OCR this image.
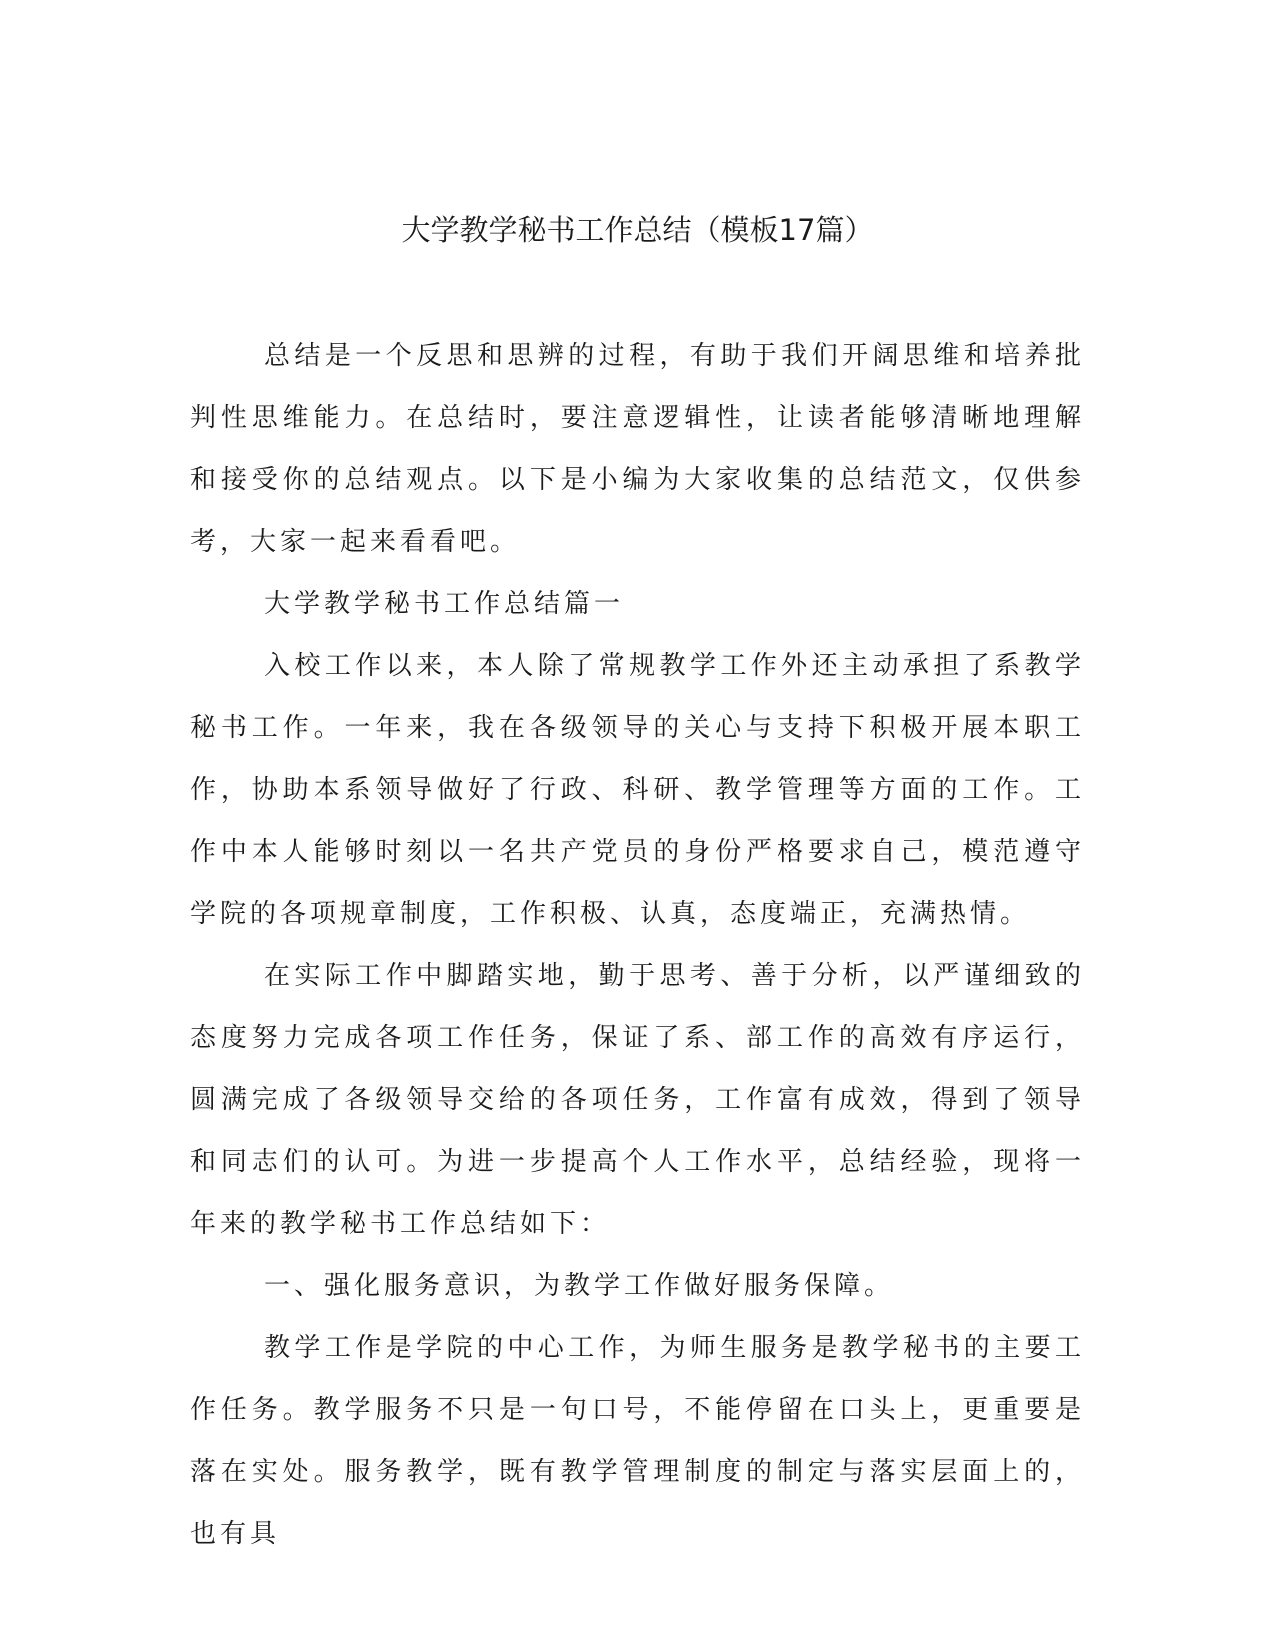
大学教学秘书工作总结（模板17篇）

总结是一个反思和思辨的过程，有助于我们开阔思维和培养批判性思维能力。在总结时，要注意逻辑性，让读者能够清晰地理解和接受你的总结观点。以下是小编为大家收集的总结范文，仅供参考，大家一起来看看吧。

大学教学秘书工作总结篇一

入校工作以来，本人除了常规教学工作外还主动承担了系教学秘书工作。一年来，我在各级领导的关心与支持下积极开展本职工作，协助本系领导做好了行政、科研、教学管理等方面的工作。工作中本人能够时刻以一名共产党员的身份严格要求自己，模范遵守学院的各项规章制度，工作积极、认真，态度端正，充满热情。

在实际工作中脚踏实地，勤于思考、善于分析，以严谨细致的态度努力完成各项工作任务，保证了系、部工作的高效有序运行，圆满完成了各级领导交给的各项任务，工作富有成效，得到了领导和同志们的认可。为进一步提高个人工作水平，总结经验，现将一年来的教学秘书工作总结如下：

一、强化服务意识，为教学工作做好服务保障。

教学工作是学院的中心工作，为师生服务是教学秘书的主要工作任务。教学服务不只是一句口号，不能停留在口头上，更重要是落在实处。服务教学，既有教学管理制度的制定与落实层面上的，也有具
